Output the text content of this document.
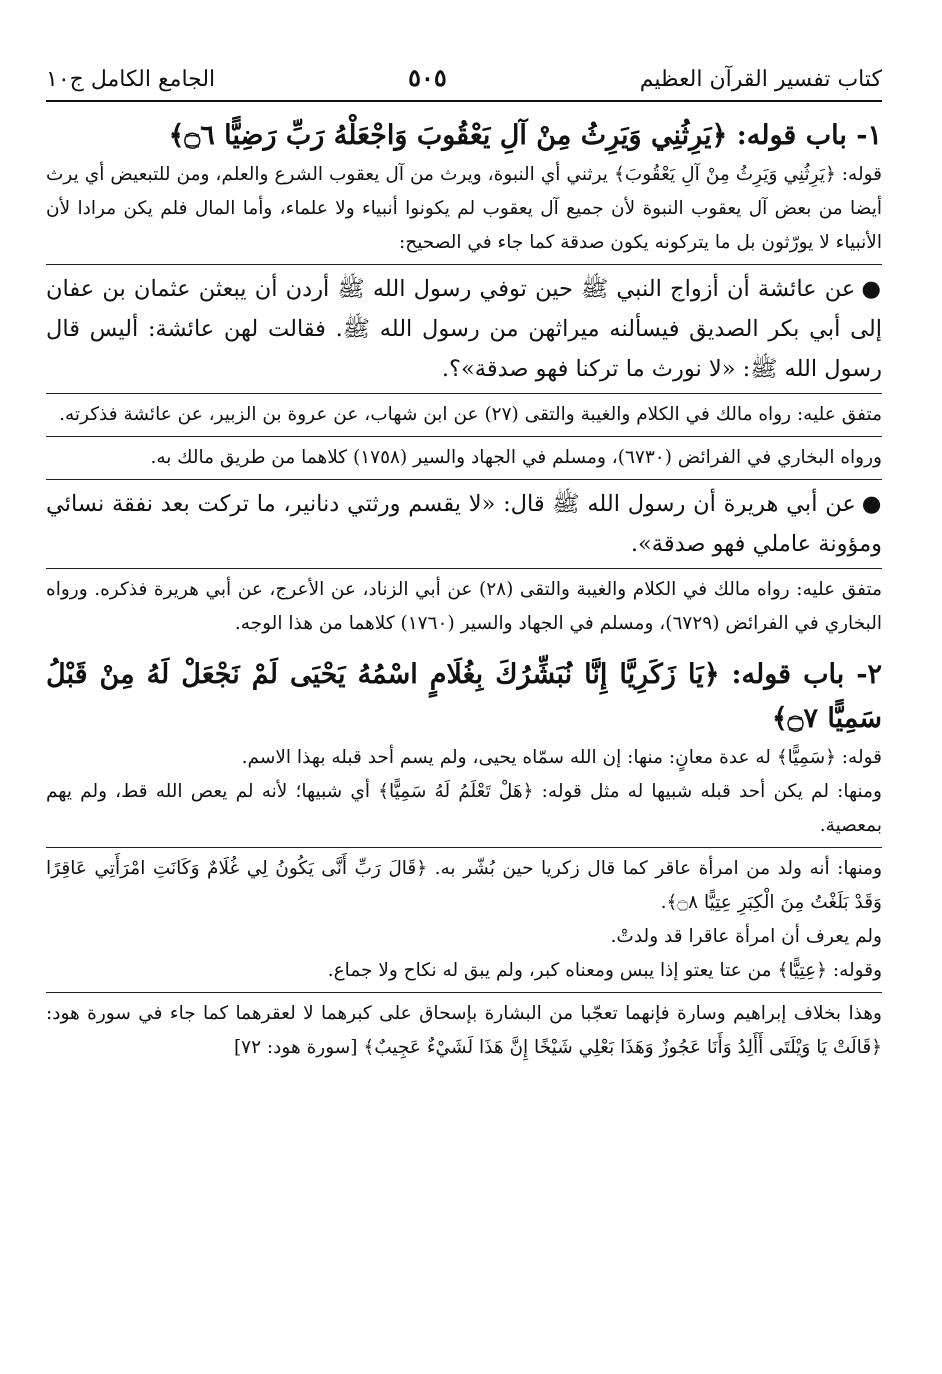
كتاب تفسير القرآن العظيم
٥٠٥
الجامع الكامل ج١٠

١- باب قوله: ﴿يَرِثُنِي وَيَرِثُ مِنْ آلِ يَعْقُوبَ وَاجْعَلْهُ رَبِّ رَضِيًّا ۝٦﴾

قوله: ﴿يَرِثُنِي وَيَرِثُ مِنْ آلِ يَعْقُوبَ﴾ يرثني أي النبوة، ويرث من آل يعقوب الشرع والعلم، ومن للتبعيض أي يرث أيضا من بعض آل يعقوب النبوة لأن جميع آل يعقوب لم يكونوا أنبياء ولا علماء، وأما المال فلم يكن مرادا لأن الأنبياء لا يورّثون بل ما يتركونه يكون صدقة كما جاء في الصحيح:

●عن عائشة أن أزواج النبي ﷺ حين توفي رسول الله ﷺ أردن أن يبعثن عثمان بن عفان إلى أبي بكر الصديق فيسألنه ميراثهن من رسول الله ﷺ. فقالت لهن عائشة: أليس قال رسول الله ﷺ: «لا نورث ما تركنا فهو صدقة»؟.

متفق عليه: رواه مالك في الكلام والغيبة والتقى (٢٧) عن ابن شهاب، عن عروة بن الزبير، عن عائشة فذكرته.

ورواه البخاري في الفرائض (٦٧٣٠)، ومسلم في الجهاد والسير (١٧٥٨) كلاهما من طريق مالك به.

●عن أبي هريرة أن رسول الله ﷺ قال: «لا يقسم ورثتي دنانير، ما تركت بعد نفقة نسائي ومؤونة عاملي فهو صدقة».

متفق عليه: رواه مالك في الكلام والغيبة والتقى (٢٨) عن أبي الزناد، عن الأعرج، عن أبي هريرة فذكره. ورواه البخاري في الفرائض (٦٧٢٩)، ومسلم في الجهاد والسير (١٧٦٠) كلاهما من هذا الوجه.

٢- باب قوله: ﴿يَا زَكَرِيَّا إِنَّا نُبَشِّرُكَ بِغُلَامٍ اسْمُهُ يَحْيَى لَمْ نَجْعَلْ لَهُ مِنْ قَبْلُ سَمِيًّا ۝٧﴾

قوله: ﴿سَمِيًّا﴾ له عدة معانٍ: منها: إن الله سمّاه يحيى، ولم يسم أحد قبله بهذا الاسم.

ومنها: لم يكن أحد قبله شبيها له مثل قوله: ﴿هَلْ تَعْلَمُ لَهُ سَمِيًّا﴾ أي شبيها؛ لأنه لم يعص الله قط، ولم يهم بمعصية.

ومنها: أنه ولد من امرأة عاقر كما قال زكريا حين بُشّر به. ﴿قَالَ رَبِّ أَنَّى يَكُونُ لِي غُلَامٌ وَكَانَتِ امْرَأَتِي عَاقِرًا وَقَدْ بَلَغْتُ مِنَ الْكِبَرِ عِتِيًّا ۝٨﴾.

ولم يعرف أن امرأة عاقرا قد ولدتْ.

وقوله: ﴿عِتِيًّا﴾ من عتا يعتو إذا يبس ومعناه كبر، ولم يبق له نكاح ولا جماع.

وهذا بخلاف إبراهيم وسارة فإنهما تعجّبا من البشارة بإسحاق على كبرهما لا لعقرهما كما جاء في سورة هود: ﴿قَالَتْ يَا وَيْلَتَى أَأَلِدُ وَأَنَا عَجُوزٌ وَهَذَا بَعْلِي شَيْخًا إِنَّ هَذَا لَشَيْءٌ عَجِيبٌ﴾ [سورة هود: ٧٢]
